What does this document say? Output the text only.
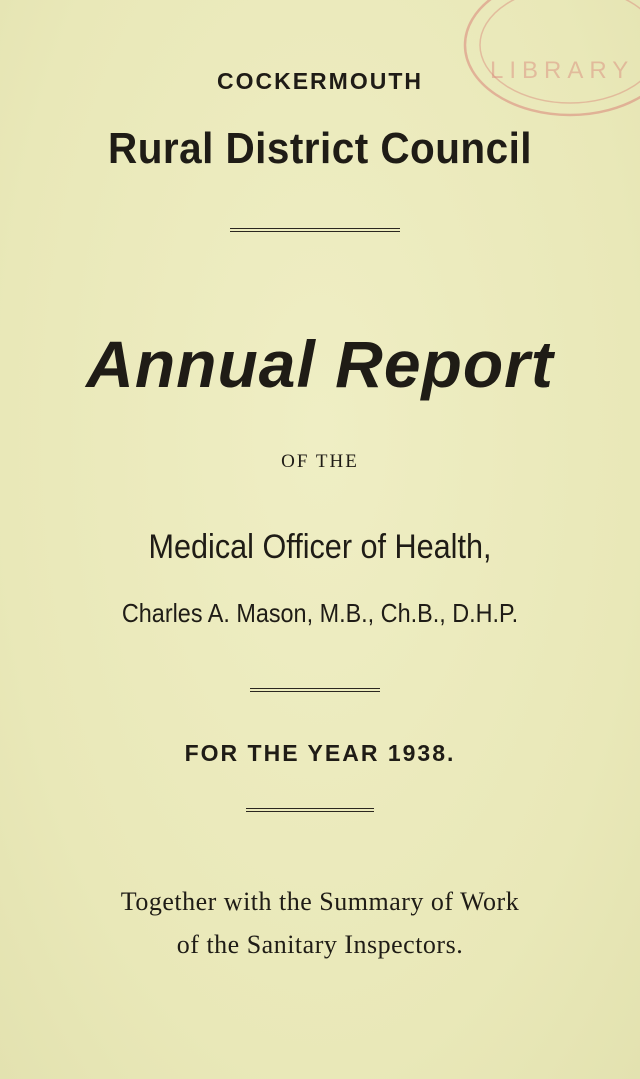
LIBRARY
COCKERMOUTH
Rural District Council
Annual Report
OF THE
Medical Officer of Health,
Charles A. Mason, M.B., Ch.B., D.H.P.
FOR THE YEAR 1938.
Together with the Summary of Work
of the Sanitary Inspectors.
